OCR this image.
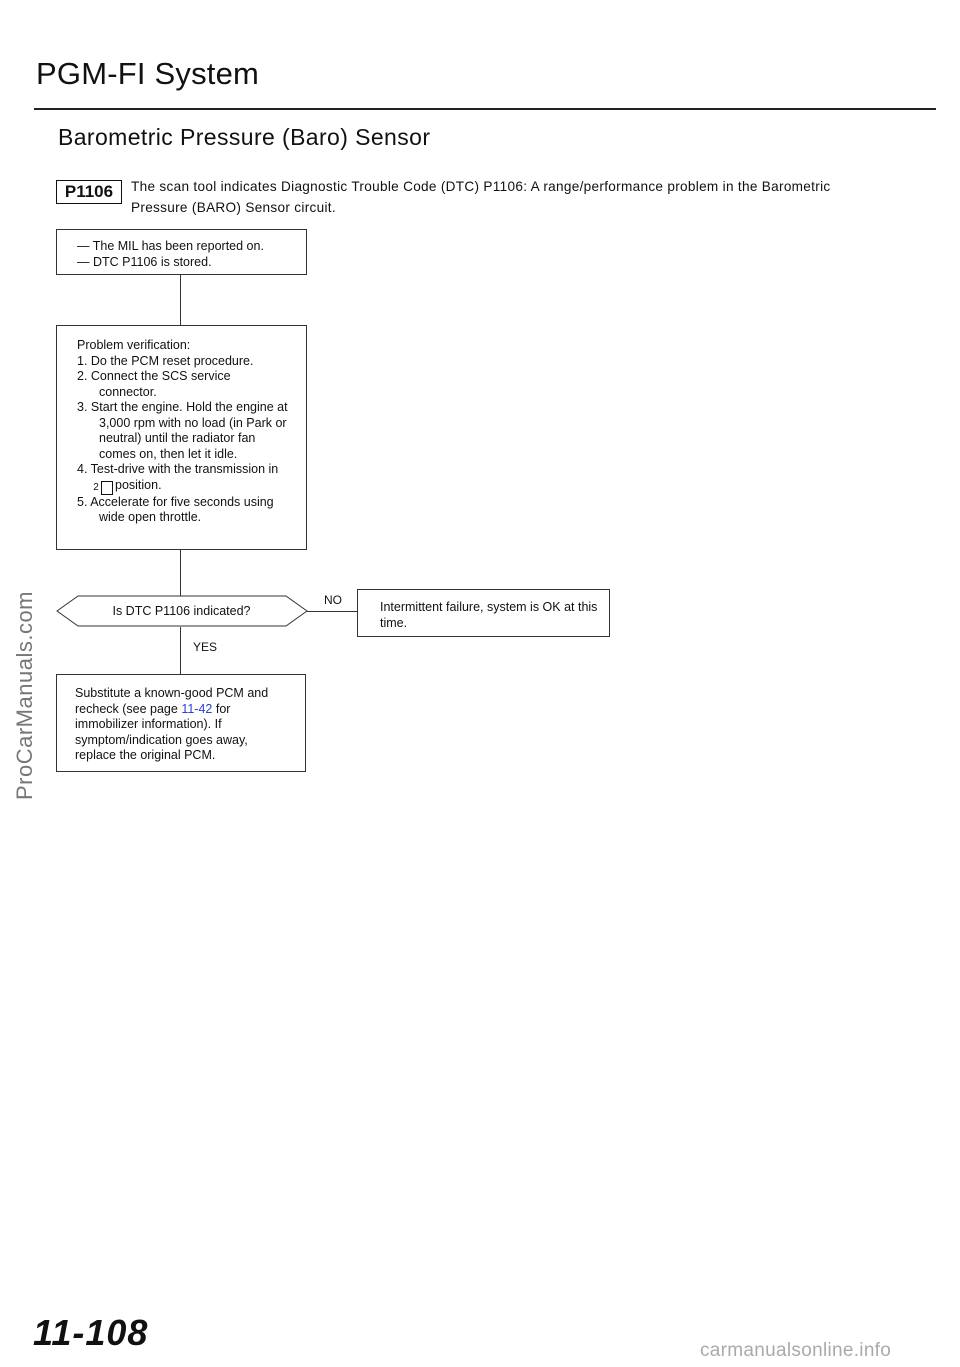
PGM-FI System
Barometric Pressure (Baro) Sensor
P1106	The scan tool indicates Diagnostic Trouble Code (DTC) P1106: A range/performance problem in the Barometric
Pressure (BARO) Sensor circuit.
— The MIL has been reported on.
— DTC P1106 is stored.
Problem verification:
1. Do the PCM reset procedure.
2. Connect the SCS service connector.
3. Start the engine. Hold the engine at 3,000 rpm with no load (in Park or neutral) until the radiator fan comes on, then let it idle.
4. Test-drive with the transmission in2 position.
5. Accelerate for five seconds using wide open throttle.
Is DTC P1106 indicated?
NO	Intermittent failure, system is OK at this time.
YES
Substitute a known-good PCM and recheck (see page 11-42 for immobilizer information). If symptom/indication goes away, replace the original PCM.
ProCarManuals.com
11-108	carmanualsonline.info
